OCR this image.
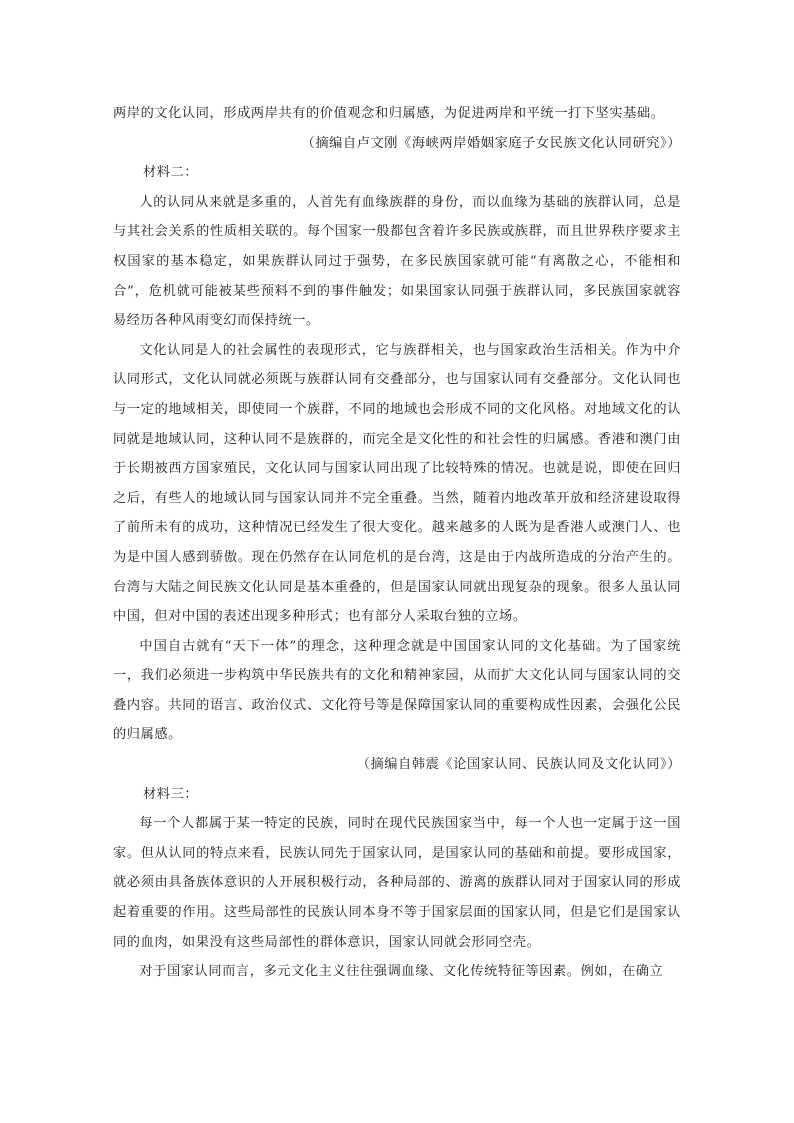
两岸的文化认同，形成两岸共有的价值观念和归属感，为促进两岸和平统一打下坚实基础。

（摘编自卢文刚《海峡两岸婚姻家庭子女民族文化认同研究》）

材料二：

人的认同从来就是多重的，人首先有血缘族群的身份，而以血缘为基础的族群认同，总是与其社会关系的性质相关联的。每个国家一般都包含着许多民族或族群，而且世界秩序要求主权国家的基本稳定，如果族群认同过于强势，在多民族国家就可能“有离散之心，不能相和合”，危机就可能被某些预料不到的事件触发；如果国家认同强于族群认同，多民族国家就容易经历各种风雨变幻而保持统一。

文化认同是人的社会属性的表现形式，它与族群相关，也与国家政治生活相关。作为中介认同形式，文化认同就必须既与族群认同有交叠部分，也与国家认同有交叠部分。文化认同也与一定的地域相关，即使同一个族群，不同的地域也会形成不同的文化风格。对地域文化的认同就是地域认同，这种认同不是族群的，而完全是文化性的和社会性的归属感。香港和澳门由于长期被西方国家殖民，文化认同与国家认同出现了比较特殊的情况。也就是说，即使在回归之后，有些人的地域认同与国家认同并不完全重叠。当然，随着内地改革开放和经济建设取得了前所未有的成功，这种情况已经发生了很大变化。越来越多的人既为是香港人或澳门人、也为是中国人感到骄傲。现在仍然存在认同危机的是台湾，这是由于内战所造成的分治产生的。台湾与大陆之间民族文化认同是基本重叠的，但是国家认同就出现复杂的现象。很多人虽认同中国，但对中国的表述出现多种形式；也有部分人采取台独的立场。

中国自古就有“天下一体”的理念，这种理念就是中国国家认同的文化基础。为了国家统一，我们必须进一步构筑中华民族共有的文化和精神家园，从而扩大文化认同与国家认同的交叠内容。共同的语言、政治仪式、文化符号等是保障国家认同的重要构成性因素，会强化公民的归属感。

（摘编自韩震《论国家认同、民族认同及文化认同》）

材料三：

每一个人都属于某一特定的民族，同时在现代民族国家当中，每一个人也一定属于这一国家。但从认同的特点来看，民族认同先于国家认同，是国家认同的基础和前提。要形成国家，就必须由具备族体意识的人开展积极行动，各种局部的、游离的族群认同对于国家认同的形成起着重要的作用。这些局部性的民族认同本身不等于国家层面的国家认同，但是它们是国家认同的血肉，如果没有这些局部性的群体意识，国家认同就会形同空壳。

对于国家认同而言，多元文化主义往往强调血缘、文化传统特征等因素。例如，在确立
